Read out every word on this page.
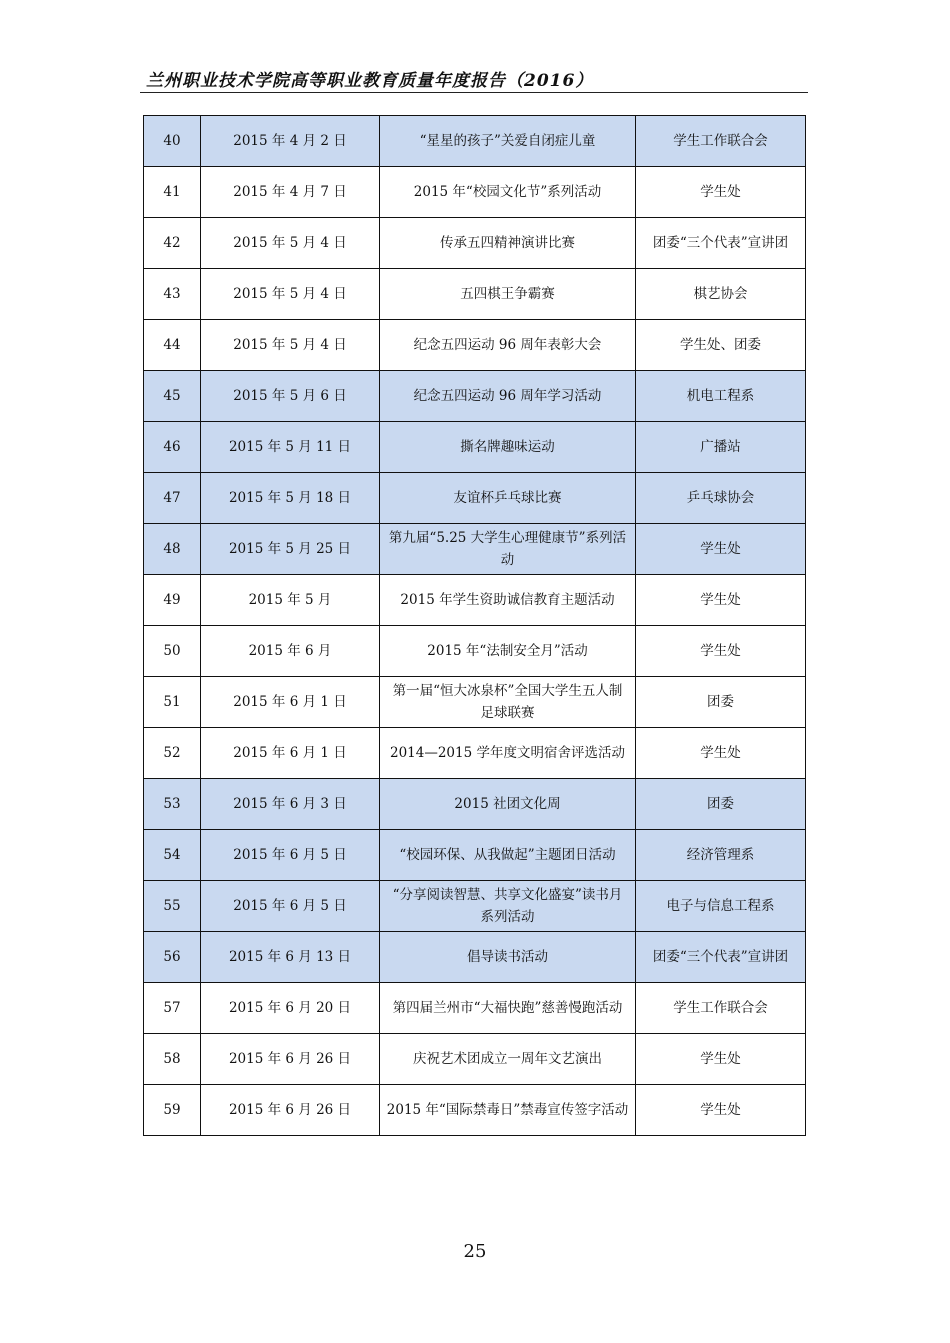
兰州职业技术学院高等职业教育质量年度报告（2016）
40	2015 年 4 月 2 日	“星星的孩子”关爱自闭症儿童	学生工作联合会
41	2015 年 4 月 7 日	2015 年“校园文化节”系列活动	学生处
42	2015 年 5 月 4 日	传承五四精神演讲比赛	团委“三个代表”宣讲团
43	2015 年 5 月 4 日	五四棋王争霸赛	棋艺协会
44	2015 年 5 月 4 日	纪念五四运动 96 周年表彰大会	学生处、团委
45	2015 年 5 月 6 日	纪念五四运动 96 周年学习活动	机电工程系
46	2015 年 5 月 11 日	撕名牌趣味运动	广播站
47	2015 年 5 月 18 日	友谊杯乒乓球比赛	乒乓球协会
48	2015 年 5 月 25 日	第九届“5.25 大学生心理健康节”系列活动	学生处
49	2015 年 5 月	2015 年学生资助诚信教育主题活动	学生处
50	2015 年 6 月	2015 年“法制安全月”活动	学生处
51	2015 年 6 月 1 日	第一届“恒大冰泉杯”全国大学生五人制足球联赛	团委
52	2015 年 6 月 1 日	2014—2015 学年度文明宿舍评选活动	学生处
53	2015 年 6 月 3 日	2015 社团文化周	团委
54	2015 年 6 月 5 日	“校园环保、从我做起”主题团日活动	经济管理系
55	2015 年 6 月 5 日	“分享阅读智慧、共享文化盛宴”读书月系列活动	电子与信息工程系
56	2015 年 6 月 13 日	倡导读书活动	团委“三个代表”宣讲团
57	2015 年 6 月 20 日	第四届兰州市“大福快跑”慈善慢跑活动	学生工作联合会
58	2015 年 6 月 26 日	庆祝艺术团成立一周年文艺演出	学生处
59	2015 年 6 月 26 日	2015 年“国际禁毒日”禁毒宣传签字活动	学生处
25
